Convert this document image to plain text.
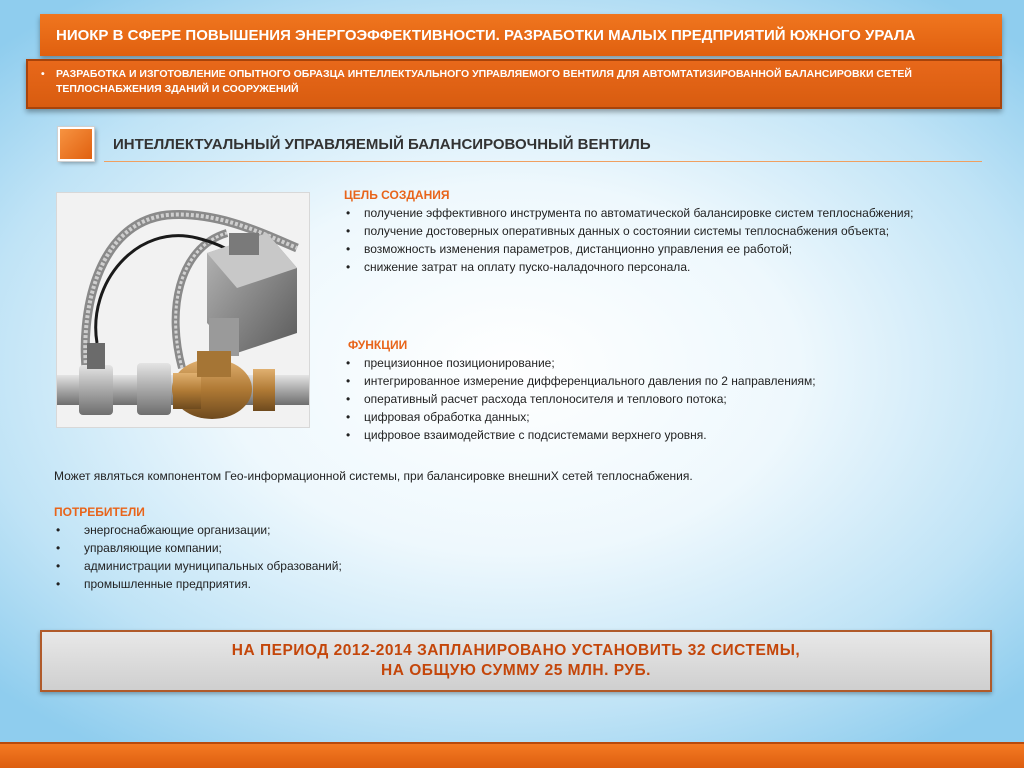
НИОКР В СФЕРЕ ПОВЫШЕНИЯ ЭНЕРГОЭФФЕКТИВНОСТИ. РАЗРАБОТКИ МАЛЫХ ПРЕДПРИЯТИЙ ЮЖНОГО УРАЛА
• РАЗРАБОТКА И ИЗГОТОВЛЕНИЕ ОПЫТНОГО ОБРАЗЦА ИНТЕЛЛЕКТУАЛЬНОГО УПРАВЛЯЕМОГО ВЕНТИЛЯ ДЛЯ АВТОМТАТИЗИРОВАННОЙ БАЛАНСИРОВКИ СЕТЕЙ ТЕПЛОСНАБЖЕНИЯ ЗДАНИЙ И СООРУЖЕНИЙ
ИНТЕЛЛЕКТУАЛЬНЫЙ УПРАВЛЯЕМЫЙ БАЛАНСИРОВОЧНЫЙ ВЕНТИЛЬ
ЦЕЛЬ СОЗДАНИЯ
• получение эффективного инструмента по автоматической балансировке систем теплоснабжения;
• получение достоверных оперативных данных о состоянии системы теплоснабжения объекта;
• возможность изменения параметров, дистанционно управления ее работой;
• снижение затрат на оплату пуско-наладочного персонала.
ФУНКЦИИ
• прецизионное позиционирование;
• интегрированное измерение дифференциального давления по 2 направлениям;
• оперативный расчет расхода теплоносителя и теплового потока;
• цифровая обработка данных;
• цифровое взаимодействие с подсистемами верхнего уровня.
Может являться компонентом Гео-информационной системы, при балансировке внешниХ сетей теплоснабжения.
ПОТРЕБИТЕЛИ
• энергоснабжающие организации;
• управляющие компании;
• администрации муниципальных образований;
• промышленные предприятия.
НА ПЕРИОД 2012-2014 ЗАПЛАНИРОВАНО УСТАНОВИТЬ 32 СИСТЕМЫ,
НА ОБЩУЮ СУММУ 25 МЛН. РУБ.
